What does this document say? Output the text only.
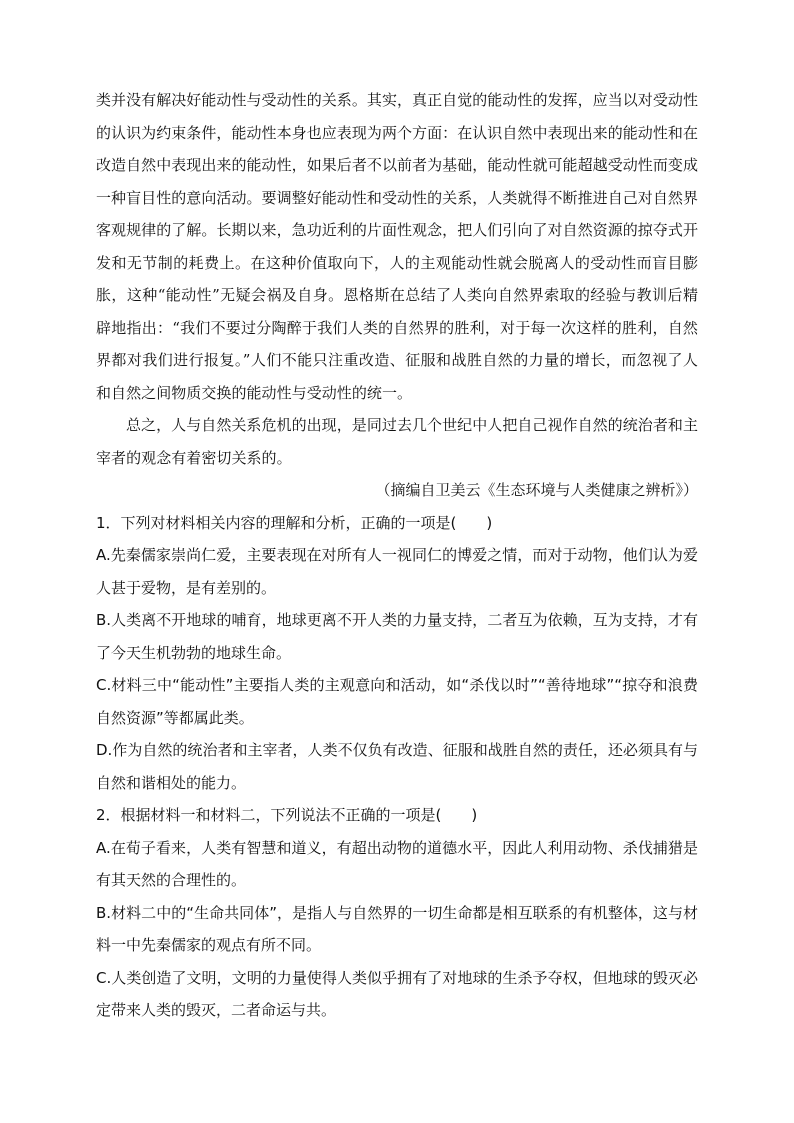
类并没有解决好能动性与受动性的关系。其实，真正自觉的能动性的发挥，应当以对受动性的认识为约束条件，能动性本身也应表现为两个方面：在认识自然中表现出来的能动性和在改造自然中表现出来的能动性，如果后者不以前者为基础，能动性就可能超越受动性而变成一种盲目性的意向活动。要调整好能动性和受动性的关系，人类就得不断推进自己对自然界客观规律的了解。长期以来，急功近利的片面性观念，把人们引向了对自然资源的掠夺式开发和无节制的耗费上。在这种价值取向下，人的主观能动性就会脱离人的受动性而盲目膨胀，这种“能动性”无疑会祸及自身。恩格斯在总结了人类向自然界索取的经验与教训后精辟地指出：“我们不要过分陶醉于我们人类的自然界的胜利，对于每一次这样的胜利，自然界都对我们进行报复。”人们不能只注重改造、征服和战胜自然的力量的增长，而忽视了人和自然之间物质交换的能动性与受动性的统一。

总之，人与自然关系危机的出现，是同过去几个世纪中人把自己视作自然的统治者和主宰者的观念有着密切关系的。

（摘编自卫美云《生态环境与人类健康之辨析》）

1．下列对材料相关内容的理解和分析，正确的一项是(　　)

A.先秦儒家崇尚仁爱，主要表现在对所有人一视同仁的博爱之情，而对于动物，他们认为爱人甚于爱物，是有差别的。

B.人类离不开地球的哺育，地球更离不开人类的力量支持，二者互为依赖，互为支持，才有了今天生机勃勃的地球生命。

C.材料三中“能动性”主要指人类的主观意向和活动，如“杀伐以时”“善待地球”“掠夺和浪费自然资源”等都属此类。

D.作为自然的统治者和主宰者，人类不仅负有改造、征服和战胜自然的责任，还必须具有与自然和谐相处的能力。

2．根据材料一和材料二，下列说法不正确的一项是(　　)

A.在荀子看来，人类有智慧和道义，有超出动物的道德水平，因此人利用动物、杀伐捕猎是有其天然的合理性的。

B.材料二中的“生命共同体”，是指人与自然界的一切生命都是相互联系的有机整体，这与材料一中先秦儒家的观点有所不同。

C.人类创造了文明，文明的力量使得人类似乎拥有了对地球的生杀予夺权，但地球的毁灭必定带来人类的毁灭，二者命运与共。
